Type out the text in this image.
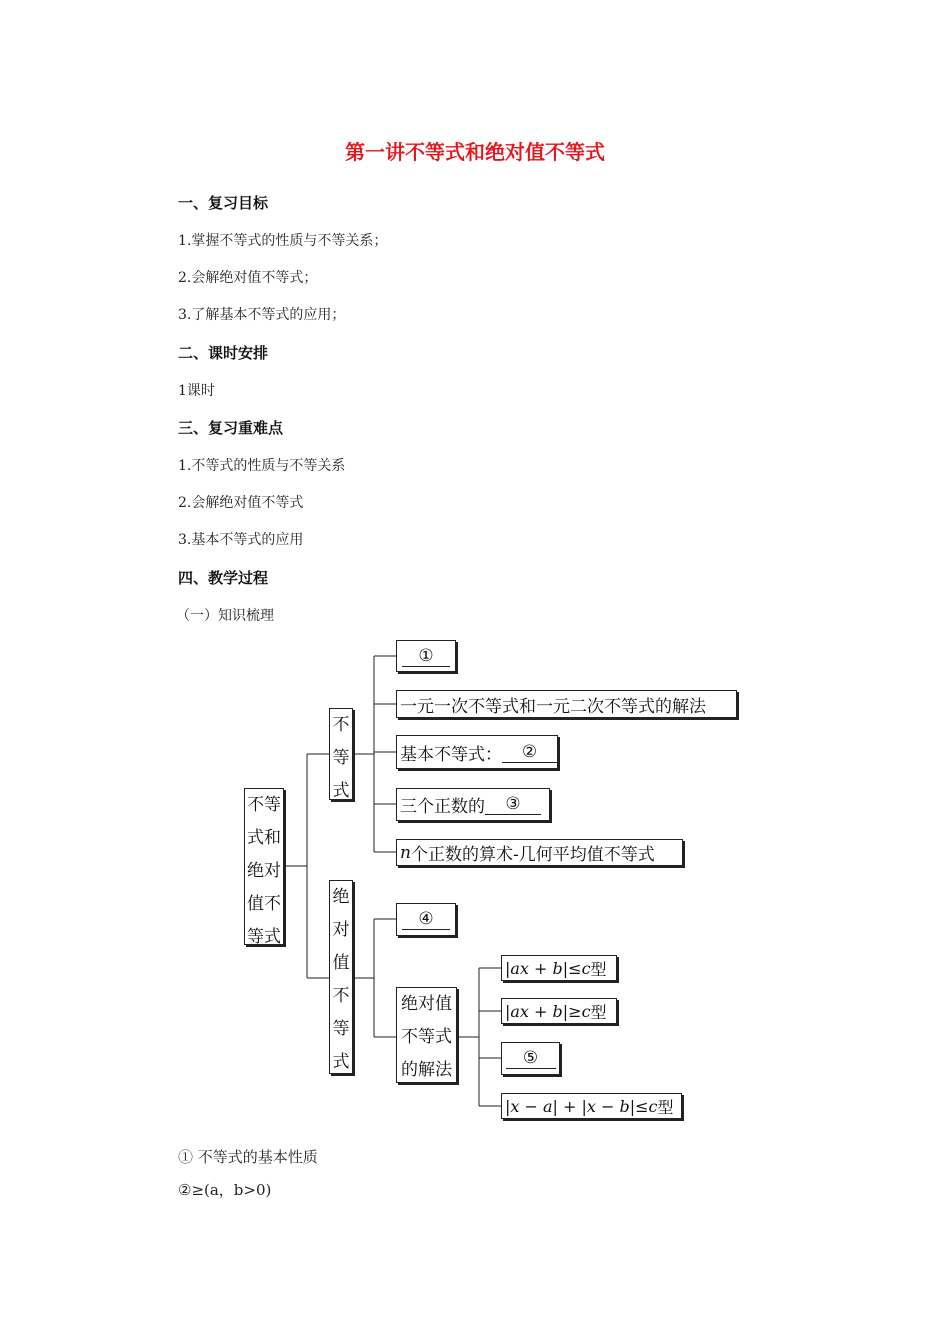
第一讲不等式和绝对值不等式
一、复习目标
1.掌握不等式的性质与不等关系；
2.会解绝对值不等式；
3.了解基本不等式的应用；
二、课时安排
1课时
三、复习重难点
1.不等式的性质与不等关系
2.会解绝对值不等式
3.基本不等式的应用
四、教学过程
（一）知识梳理
不等
式和
绝对
值不
等式
不
等
式
①
一元一次不等式和一元二次不等式的解法
基本不等式：	②
三个正数的	③
n 个正数的算术-几何平均值不等式
绝
对
值
不
等
式
④
绝对值
不等式
的解法
|ax + b|≤c 型
|ax + b|≥c 型
⑤
|x − a| + |x − b|≤c 型
① 不等式的基本性质
②≥(a，b>0)
